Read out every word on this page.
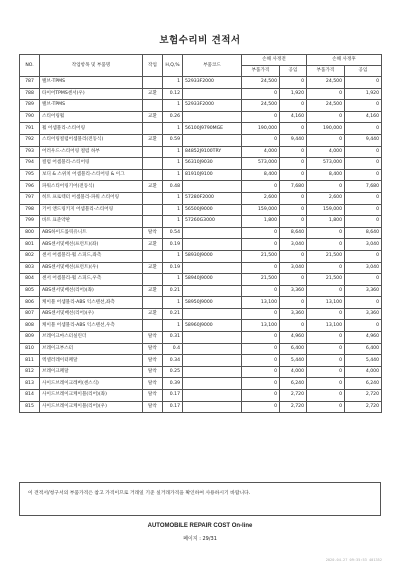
보험수리비 견적서
NO.	작업항목 및 부품명	작업	H,Q,%	부품코드	손해 사정전		손해 사정후	
					부품가격	공임	부품가격	공임
787	밸브-TPMS		1	52933F2000	24,500	0	24,500	0
788	타이어TPMS센서(우)	교환	0.12		0	1,920	0	1,920
789	밸브-TPMS		1	52933F2000	24,500	0	24,500	0
790	스티어링휠	교환	0.26		0	4,160	0	4,160
791	휠 어셈블리-스티어링		1	56100J9790MGE	190,000	0	190,000	0
792	스티어링컬럼어셈블리(전동식)	교환	0.59		0	9,440	0	9,440
793	어러우드-스티어링 컬럼 하부		1	84852J9100TRY	4,000	0	4,000	0
794	컬럼 어셈블리-스티어링		1	56310J9030	573,000	0	573,000	0
795	보디 & 스위치 어셈블리-스티어링 & 이그		1	81910J9100	8,400	0	8,400	0
796	파워스티어링기어(전동식)	교환	0.48		0	7,680	0	7,680
797	히트 프로텍터 어셈블리-파워 스티어링		1	57280F2000	2,600	0	2,600	0
798	기어 앤드링키지 어셈블리-스티어링		1	56500J9000	159,000	0	159,000	0
799	바트 표준약판		1	57260G3000	1,800	0	1,800	0
800	ABS하이드롤릭유니트	탈착	0.54		0	8,640	0	8,640
801	ABS센서및배선(프런트)(좌)	교환	0.19		0	3,040	0	3,040
802	센서 어셈블리-휠 스피드,좌측		1	58930J9000	21,500	0	21,500	0
803	ABS센서및배선(프런트)(우)	교환	0.19		0	3,040	0	3,040
804	센서 어셈블리-휠 스피드,우측		1	58940J9000	21,500	0	21,500	0
805	ABS센서및배선(리어)(좌)	교환	0.21		0	3,360	0	3,360
806	케이블 어셈블리-ABS 익스텐션,좌측		1	58950J9000	13,100	0	13,100	0
807	ABS센서및배선(리어)(우)	교환	0.21		0	3,360	0	3,360
808	케이블 어셈블리-ABS 익스텐션,우측		1	58960J9000	13,100	0	13,100	0
809	브레이크마스터실린더	탈착	0.31		0	4,960	0	4,960
810	브레이크부스터	탈착	0.4		0	6,400	0	6,400
811	엑셀러레이터페달	탈착	0.34		0	5,440	0	5,440
812	브레이크페달	탈착	0.25		0	4,000	0	4,000
813	사이드브레이크레버(센스식)	탈착	0.39		0	6,240	0	6,240
814	사이드브레이크케이블(리어)(좌)	탈착	0.17		0	2,720	0	2,720
815	사이드브레이크케이블(리어)(우)	탈착	0.17		0	2,720	0	2,720
이 견적서/청구서의 부품가격은 참고 가격이므로 거래일 기준 실거래가격을 확인하여 사용하시기 바랍니다.
AUTOMOBILE REPAIR COST On-line
페이지 : 29/31
2020-04-27 09:35:53 401352
